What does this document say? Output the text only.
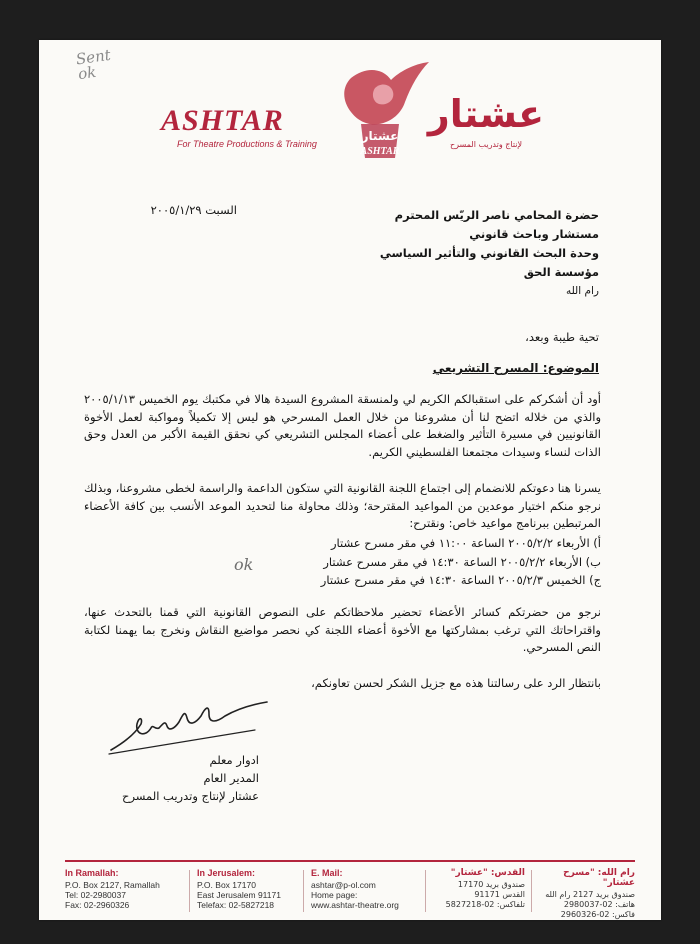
Sent
ok
ASHTAR
For Theatre Productions & Training
عشتار
ASHTAR
عشتار
لإنتاج وتدريب المسرح
السبت ٢٠٠٥/١/٢٩	حضرة المحامي ناصر الريّس المحترم
مستشار وباحث قانوني
وحدة البحث القانوني والتأثير السياسي
مؤسسة الحق
رام الله
تحية طيبة وبعد،
الموضوع: المسرح التشريعي
أود أن أشكركم على استقبالكم الكريم لي ولمنسقة المشروع السيدة هالا في مكتبك يوم الخميس ٢٠٠٥/١/١٣ والذي من خلاله اتضح لنا أن مشروعنا من خلال العمل المسرحي هو ليس إلا تكميلاً ومواكبة لعمل الأخوة القانونيين في مسيرة التأثير والضغط على أعضاء المجلس التشريعي كي نحقق القيمة الأكبر من العدل وحق الذات لنساء وسيدات مجتمعنا الفلسطيني الكريم.
يسرنا هنا دعوتكم للانضمام إلى اجتماع اللجنة القانونية التي ستكون الداعمة والراسمة لخطى مشروعنا، وبذلك نرجو منكم اختيار موعدين من المواعيد المقترحة؛ وذلك محاولة منا لتحديد الموعد الأنسب بين كافة الأعضاء المرتبطين ببرنامج مواعيد خاص: ونقترح:
أ) الأربعاء ٢٠٠٥/٢/٢ الساعة ١١:٠٠ في مقر مسرح عشتار
ب) الأربعاء ٢٠٠٥/٢/٢ الساعة ١٤:٣٠ في مقر مسرح عشتار
ج) الخميس ٢٠٠٥/٢/٣ الساعة ١٤:٣٠ في مقر مسرح عشتار
ok
نرجو من حضرتكم كسائر الأعضاء تحضير ملاحظاتكم على النصوص القانونية التي قمنا بالتحدث عنها، واقتراحاتك التي ترغب بمشاركتها مع الأخوة أعضاء اللجنة كي نحصر مواضيع النقاش ونخرج بما يهمنا لكتابة النص المسرحي.
بانتظار الرد على رسالتنا هذه مع جزيل الشكر لحسن تعاونكم،
ادوار معلم
المدير العام
عشتار لإنتاج وتدريب المسرح
In Ramallah:
P.O. Box 2127, Ramallah
Tel: 02-2980037
Fax: 02-2960326
In Jerusalem:
P.O. Box 17170
East Jerusalem 91171
Telefax: 02-5827218
E. Mail:
ashtar@p-ol.com
Home page:
www.ashtar-theatre.org
القدس: "عشتار"
صندوق بريد 17170
القدس 91171
تلفاكس: 02-5827218
رام الله: "مسرح عشتار"
صندوق بريد 2127 رام الله
هاتف: 02-2980037
فاكس: 02-2960326
